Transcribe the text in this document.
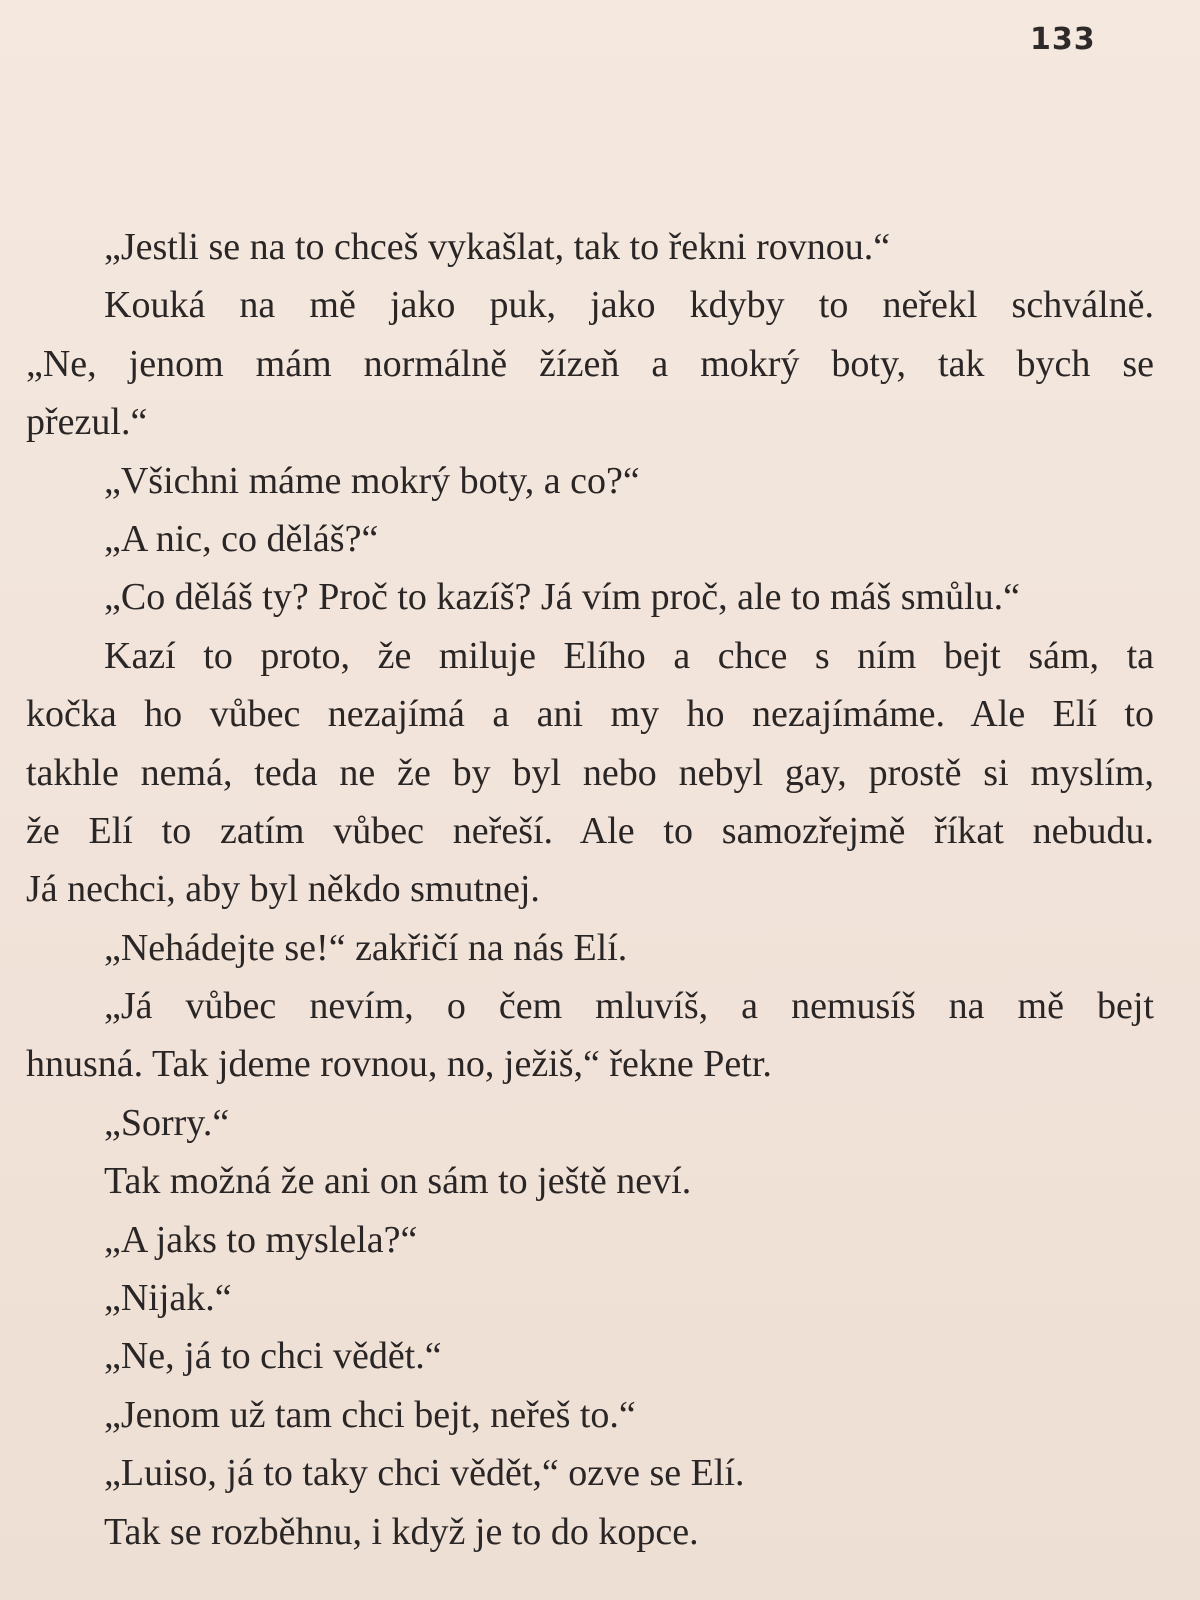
133
„Jestli se na to chceš vykašlat, tak to řekni rovnou.“
Kouká na mě jako puk, jako kdyby to neřekl schválně.
„Ne, jenom mám normálně žízeň a mokrý boty, tak bych se
přezul.“
„Všichni máme mokrý boty, a co?“
„A nic, co děláš?“
„Co děláš ty? Proč to kazíš? Já vím proč, ale to máš smůlu.“
Kazí to proto, že miluje Elího a chce s ním bejt sám, ta
kočka ho vůbec nezajímá a ani my ho nezajímáme. Ale Elí to
takhle nemá, teda ne že by byl nebo nebyl gay, prostě si myslím,
že Elí to zatím vůbec neřeší. Ale to samozřejmě říkat nebudu.
Já nechci, aby byl někdo smutnej.
„Nehádejte se!“ zakřičí na nás Elí.
„Já vůbec nevím, o čem mluvíš, a nemusíš na mě bejt
hnusná. Tak jdeme rovnou, no, ježiš,“ řekne Petr.
„Sorry.“
Tak možná že ani on sám to ještě neví.
„A jaks to myslela?“
„Nijak.“
„Ne, já to chci vědět.“
„Jenom už tam chci bejt, neřeš to.“
„Luiso, já to taky chci vědět,“ ozve se Elí.
Tak se rozběhnu, i když je to do kopce.
